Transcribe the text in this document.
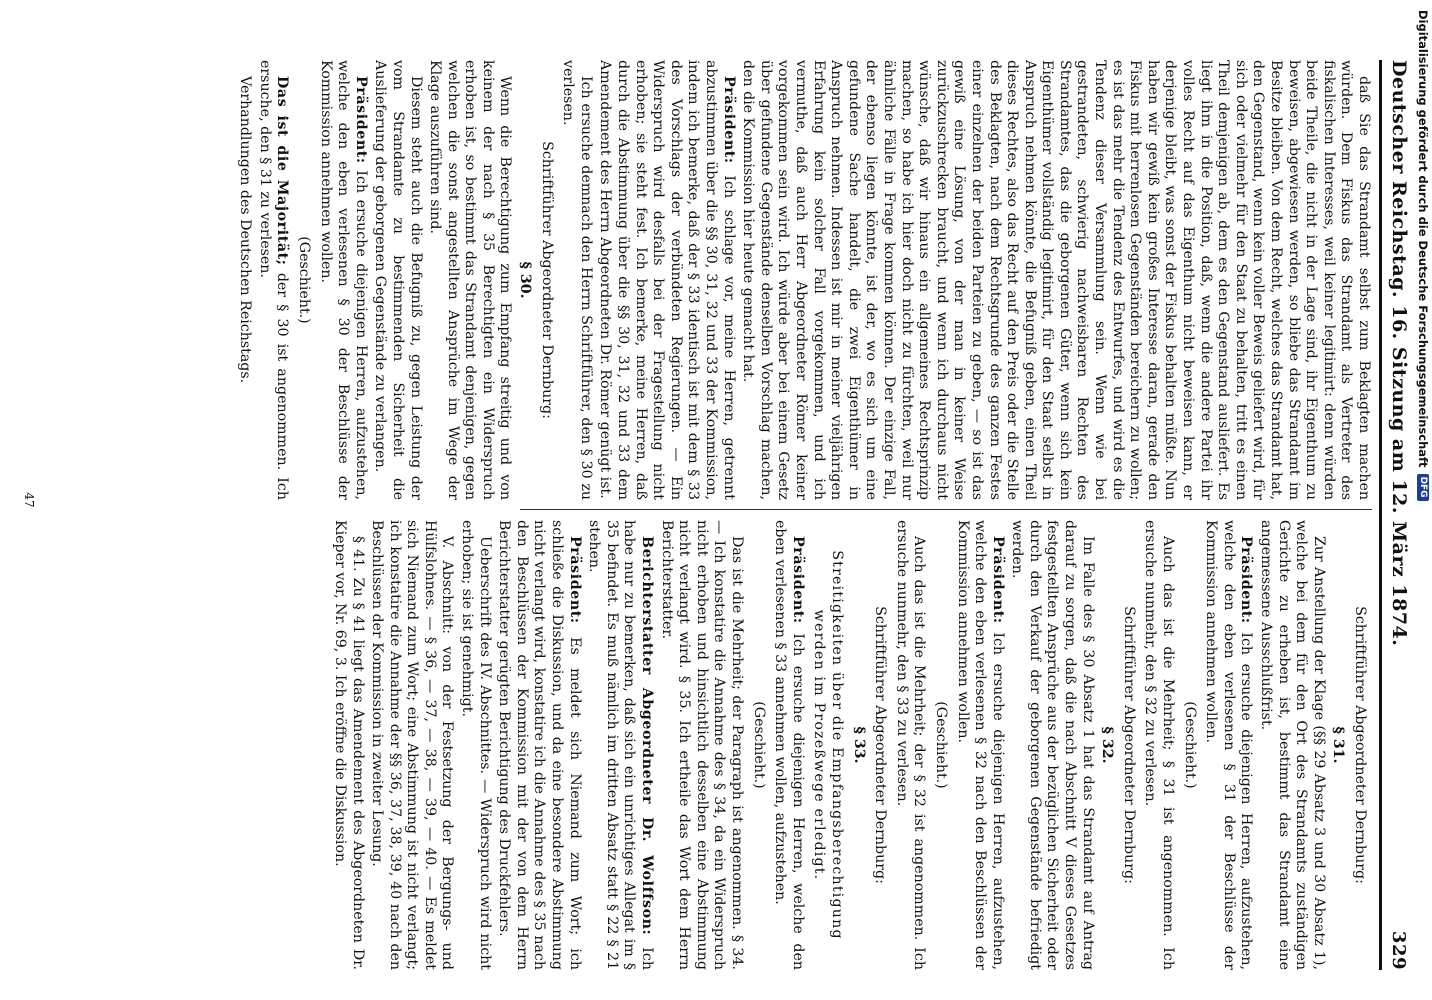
Deutscher Reichstag. 16. Sitzung am 12. März 1874.
329

daß Sie das Strandamt selbst zum Beklagten machen würden. Dem Fiskus das Strandamt als Vertreter des fiskalischen Interesses, weil keiner legitimirt: denn würden beide Theile, die nicht in der Lage sind, ihr Eigenthum zu beweisen, abgewiesen werden, so bliebe das Strandamt im Besitze bleiben. Von dem Recht, welches das Strandamt hat, den Gegenstand, wenn kein voller Beweis geliefert wird, für sich oder vielmehr für den Staat zu behalten, tritt es einen Theil demjenigen ab, dem es den Gegenstand ausliefert. Es liegt ihm in die Position, daß, wenn die andere Partei ihr volles Recht auf das Eigenthum nicht beweisen kann, er derjenige bleibt, was sonst der Fiskus behalten müßte. Nun haben wir gewiß kein großes Interesse daran, gerade den Fiskus mit herrenlosen Gegenständen bereichern zu wollen; es ist das mehr die Tendenz des Entwurfes, und wird es die Tendenz dieser Versammlung sein. Wenn wie bei gestrandeten, schwierig nachweisbaren Rechten des Strandamtes, das die geborgenen Güter, wenn sich kein Eigenthümer vollständig legitimirt, für den Staat selbst in Anspruch nehmen könnte, die Befugniß geben, einen Theil dieses Rechtes, also das Recht auf den Preis oder die Stelle des Beklagten, nach dem Rechtsgrunde des ganzen Festes einer einzelnen der beiden Parteien zu geben, — so ist das gewiß eine Lösung, von der man in keiner Weise zurückzuschrecken braucht, und wenn ich durchaus nicht wünsche, daß wir hinaus ein allgemeines Rechtsprinzip machen, so habe ich hier doch nicht zu fürchten, weil nur ähnliche Fälle in Frage kommen können. Der einzige Fall, der ebenso liegen könnte, ist der, wo es sich um eine gefundene Sache handelt, die zwei Eigenthümer in Anspruch nehmen. Indessen ist mir in meiner vieljährigen Erfahrung kein solcher Fall vorgekommen, und ich vermuthe, daß auch Herr Abgeordneter Römer keiner vorgekommen sein wird. Ich würde aber bei einem Gesetz über gefundene Gegenstände denselben Vorschlag machen, den die Kommission hier heute gemacht hat.

Präsident: Ich schlage vor, meine Herren, getrennt abzustimmen über die §§ 30, 31, 32 und 33 der Kommission, indem ich bemerke, daß der § 33 identisch ist mit dem § 33 des Vorschlags der verbündeten Regierungen. — Ein Widerspruch wird desfalls bei der Fragestellung nicht erhoben; sie steht fest. Ich bemerke, meine Herren, daß durch die Abstimmung über die §§ 30, 31, 32 und 33 dem Amendement des Herrn Abgeordneten Dr. Römer genügt ist.

Ich ersuche demnach den Herrn Schriftführer, den § 30 zu verlesen.

Schriftführer Abgeordneter Dernburg:

§ 30.

Wenn die Berechtigung zum Empfang streitig und von keinem der nach § 35 Berechtigten ein Widerspruch erhoben ist, so bestimmt das Strandamt denjenigen, gegen welchen die sonst angestellten Ansprüche im Wege der Klage auszuführen sind.

Diesem steht auch die Befugniß zu, gegen Leistung der vom Strandamte zu bestimmenden Sicherheit die Auslieferung der geborgenen Gegenstände zu verlangen.

Präsident: Ich ersuche diejenigen Herren, aufzustehen, welche den eben verlesenen § 30 der Beschlüsse der Kommission annehmen wollen.

(Geschieht.)

Das ist die Majorität; der § 30 ist angenommen. Ich ersuche, den § 31 zu verlesen.

Verhandlungen des Deutschen Reichstags.

Schriftführer Abgeordneter Dernburg:

§ 31.

Zur Anstellung der Klage (§§ 29 Absatz 3 und 30 Absatz 1), welche bei dem für den Ort des Strandamts zuständigen Gerichte zu erheben ist, bestimmt das Strandamt eine angemessene Ausschlußfrist.

Präsident: Ich ersuche diejenigen Herren, aufzustehen, welche den eben verlesenen § 31 der Beschlüsse der Kommission annehmen wollen.

(Geschieht.)

Auch das ist die Mehrheit; § 31 ist angenommen. Ich ersuche nunmehr, den § 32 zu verlesen.

Schriftführer Abgeordneter Dernburg:

§ 32.

Im Falle des § 30 Absatz 1 hat das Strandamt auf Antrag darauf zu sorgen, daß die nach Abschnitt V dieses Gesetzes festgestellten Ansprüche aus der bezüglichen Sicherheit oder durch den Verkauf der geborgenen Gegenstände befriedigt werden.

Präsident: Ich ersuche diejenigen Herren, aufzustehen, welche den eben verlesenen § 32 nach den Beschlüssen der Kommission annehmen wollen.

(Geschieht.)

Auch das ist die Mehrheit; der § 32 ist angenommen. Ich ersuche nunmehr, den § 33 zu verlesen.

Schriftführer Abgeordneter Dernburg:

§ 33.

Streitigkeiten über die Empfangsberechtigung werden im Prozeßwege erledigt.

Präsident: Ich ersuche diejenigen Herren, welche den eben verlesenen § 33 annehmen wollen, aufzustehen.

(Geschieht.)

Das ist die Mehrheit; der Paragraph ist angenommen. § 34. — Ich konstatire die Annahme des § 34, da ein Widerspruch nicht erhoben und hinsichtlich desselben eine Abstimmung nicht verlangt wird. § 35. Ich ertheile das Wort dem Herrn Berichterstatter.

Berichterstatter Abgeordneter Dr. Wolffson: Ich habe nur zu bemerken, daß sich ein unrichtiges Allegat im § 35 befindet. Es muß nämlich im dritten Absatz statt § 22 § 21 stehen.

Präsident: Es meldet sich Niemand zum Wort; ich schließe die Diskussion, und da eine besondere Abstimmung nicht verlangt wird, konstatire ich die Annahme des § 35 nach den Beschlüssen der Kommission mit der von dem Herrn Berichterstatter gerügten Berichtigung des Druckfehlers.

Ueberschrift des IV. Abschnittes. — Widerspruch wird nicht erhoben; sie ist genehmigt.

V. Abschnitt: von der Festsetzung der Bergungs- und Hülfslohnes. — § 36, — 37, — 38, — 39, — 40. — Es meldet sich Niemand zum Wort; eine Abstimmung ist nicht verlangt; ich konstatire die Annahme der §§ 36, 37, 38, 39, 40 nach den Beschlüssen der Kommission in zweiter Lesung.

§ 41. Zu § 41 liegt das Amendement des Abgeordneten Dr. Kieper vor, Nr. 69, 3. Ich eröffne die Diskussion.

47
Digitalisierung gefördert durch die Deutsche Forschungsgemeinschaft
DFG
